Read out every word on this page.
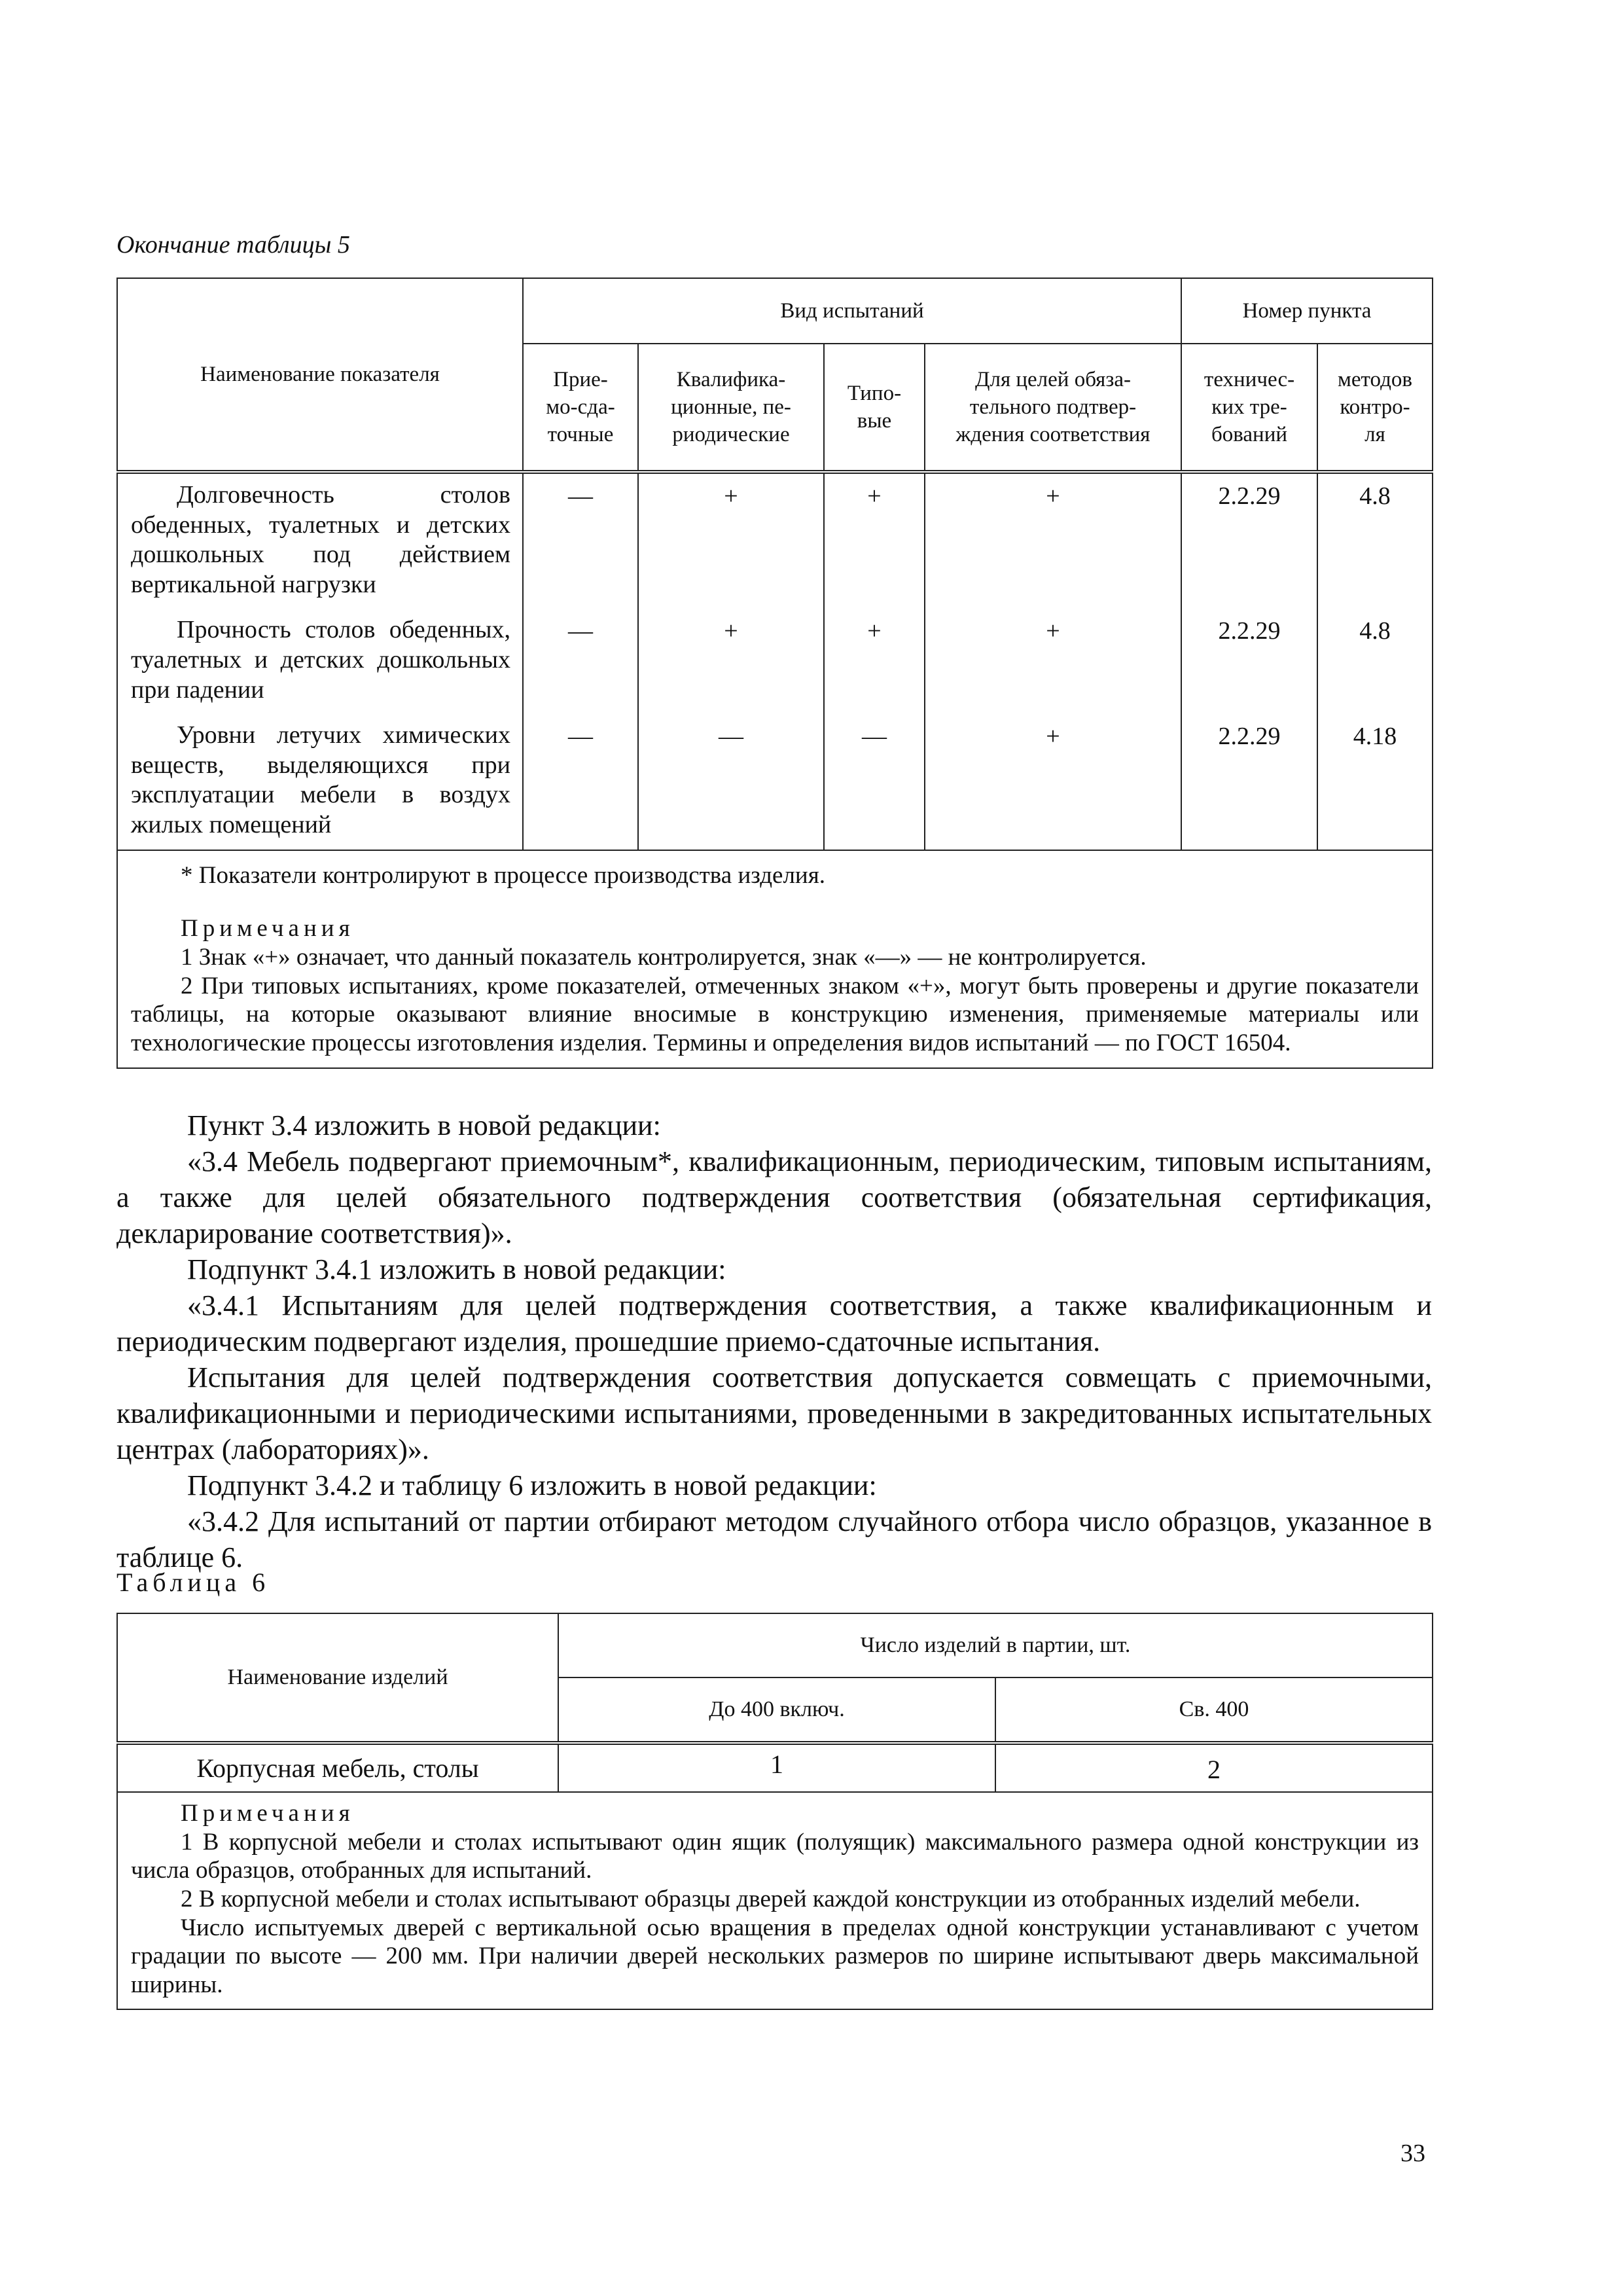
Окончание таблицы 5
Наименование показателя	Вид испытаний				Номер пункта	
	Прие-
мо-сда-
точные	Квалифика-
ционные, пе-
риодические	Типо-
вые	Для целей обяза-
тельного подтвер-
ждения соответствия	техничес-
ких тре-
бований	методов
контро-
ля

Долговечность столов обеденных, туалетных и детских дошкольных под действием вертикальной нагрузки	—	+	+	+	2.2.29	4.8

Прочность столов обеденных, туалетных и детских дошкольных при падении	—	+	+	+	2.2.29	4.8

Уровни летучих химических веществ, выделяющихся при эксплуатации мебели в воздух жилых помещений	—	—	—	+	2.2.29	4.18

* Показатели контролируют в процессе производства изделия.

Примечания

1 Знак «+» означает, что данный показатель контролируется, знак «—» — не контролируется.

2 При типовых испытаниях, кроме показателей, отмеченных знаком «+», могут быть проверены и другие показатели таблицы, на которые оказывают влияние вносимые в конструкцию изменения, применяемые материалы или технологические процессы изготовления изделия. Термины и определения видов испытаний — по ГОСТ 16504.						

Пункт 3.4 изложить в новой редакции:

«3.4 Мебель подвергают приемочным*, квалификационным, периодическим, типовым испытаниям, а также для целей обязательного подтверждения соответствия (обязательная сертификация, декларирование соответствия)».

Подпункт 3.4.1 изложить в новой редакции:

«3.4.1 Испытаниям для целей подтверждения соответствия, а также квалификационным и периодическим подвергают изделия, прошедшие приемо-сдаточные испытания.

Испытания для целей подтверждения соответствия допускается совмещать с приемочными, квалификационными и периодическими испытаниями, проведенными в закредитованных испытательных центрах (лабораториях)».

Подпункт 3.4.2 и таблицу 6 изложить в новой редакции:

«3.4.2 Для испытаний от партии отбирают методом случайного отбора число образцов, указанное в таблице 6.

Таблица 6
Наименование изделий	Число изделий в партии, шт.	
	До 400 включ.	Св. 400
Корпусная мебель, столы	1	2

Примечания

1 В корпусной мебели и столах испытывают один ящик (полуящик) максимального размера одной конструкции из числа образцов, отобранных для испытаний.

2 В корпусной мебели и столах испытывают образцы дверей каждой конструкции из отобранных изделий мебели.

Число испытуемых дверей с вертикальной осью вращения в пределах одной конструкции устанавливают с учетом градации по высоте — 200 мм. При наличии дверей нескольких размеров по ширине испытывают дверь максимальной ширины.		

33
